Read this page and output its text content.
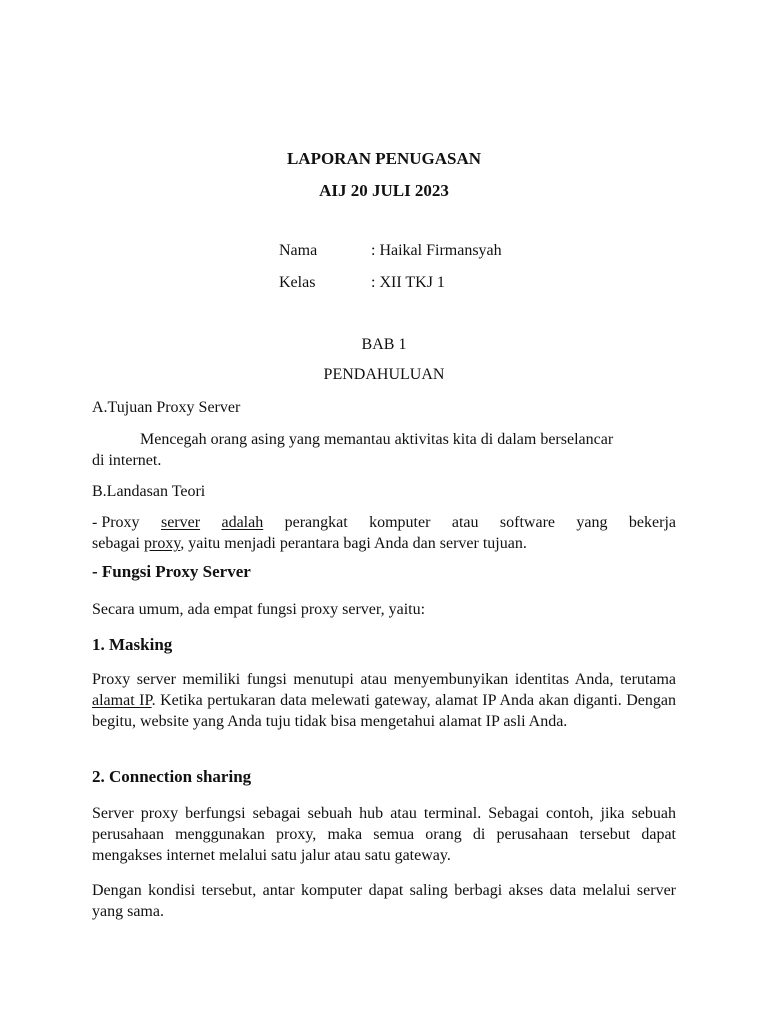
LAPORAN PENUGASAN
AIJ 20 JULI 2023
Nama	: Haikal Firmansyah
Kelas	: XII TKJ 1
BAB 1
PENDAHULUAN
A.Tujuan Proxy Server
Mencegah orang asing yang memantau aktivitas kita di dalam berselancar
di internet.
B.Landasan Teori
- Proxy server adalah perangkat komputer atau software yang bekerja
sebagai proxy, yaitu menjadi perantara bagi Anda dan server tujuan.
- Fungsi Proxy Server
Secara umum, ada empat fungsi proxy server, yaitu:
1. Masking
Proxy server memiliki fungsi menutupi atau menyembunyikan identitas Anda, terutama alamat IP. Ketika pertukaran data melewati gateway, alamat IP Anda akan diganti. Dengan begitu, website yang Anda tuju tidak bisa mengetahui alamat IP asli Anda.
2. Connection sharing
Server proxy berfungsi sebagai sebuah hub atau terminal. Sebagai contoh, jika sebuah perusahaan menggunakan proxy, maka semua orang di perusahaan tersebut dapat mengakses internet melalui satu jalur atau satu gateway.
Dengan kondisi tersebut, antar komputer dapat saling berbagi akses data melalui server yang sama.
